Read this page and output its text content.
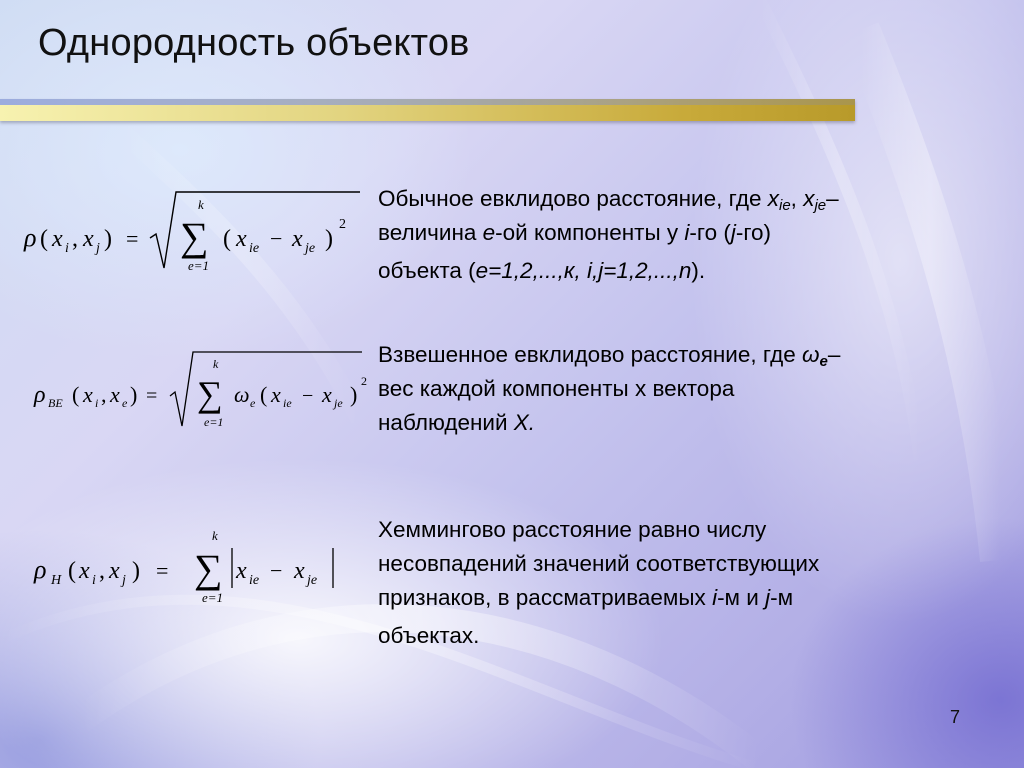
Однородность объектов
ρ ( x i , x j ) =
k
∑
e=1
( x ie − x je )
2
ρ BE ( x i , x e ) =
k
∑
e=1
ω e ( x ie − x je )
2
ρ H ( x i , x j ) =
k
∑
e=1
x ie − x je
Обычное евклидово расстояние, где $x_{ie}$, $x_{je}-$
величина e-ой компоненты у i-го (j-го)
объекта (e=1,2,...,к, i,j=1,2,...,n).
Взвешенное евклидово расстояние, где $\omega_e-$
вес каждой компоненты х вектора
наблюдений X.
Хеммингово расстояние равно числу
несовпадений значений соответствующих
признаков, в рассматриваемых i-м и j-м
объектах.
7
